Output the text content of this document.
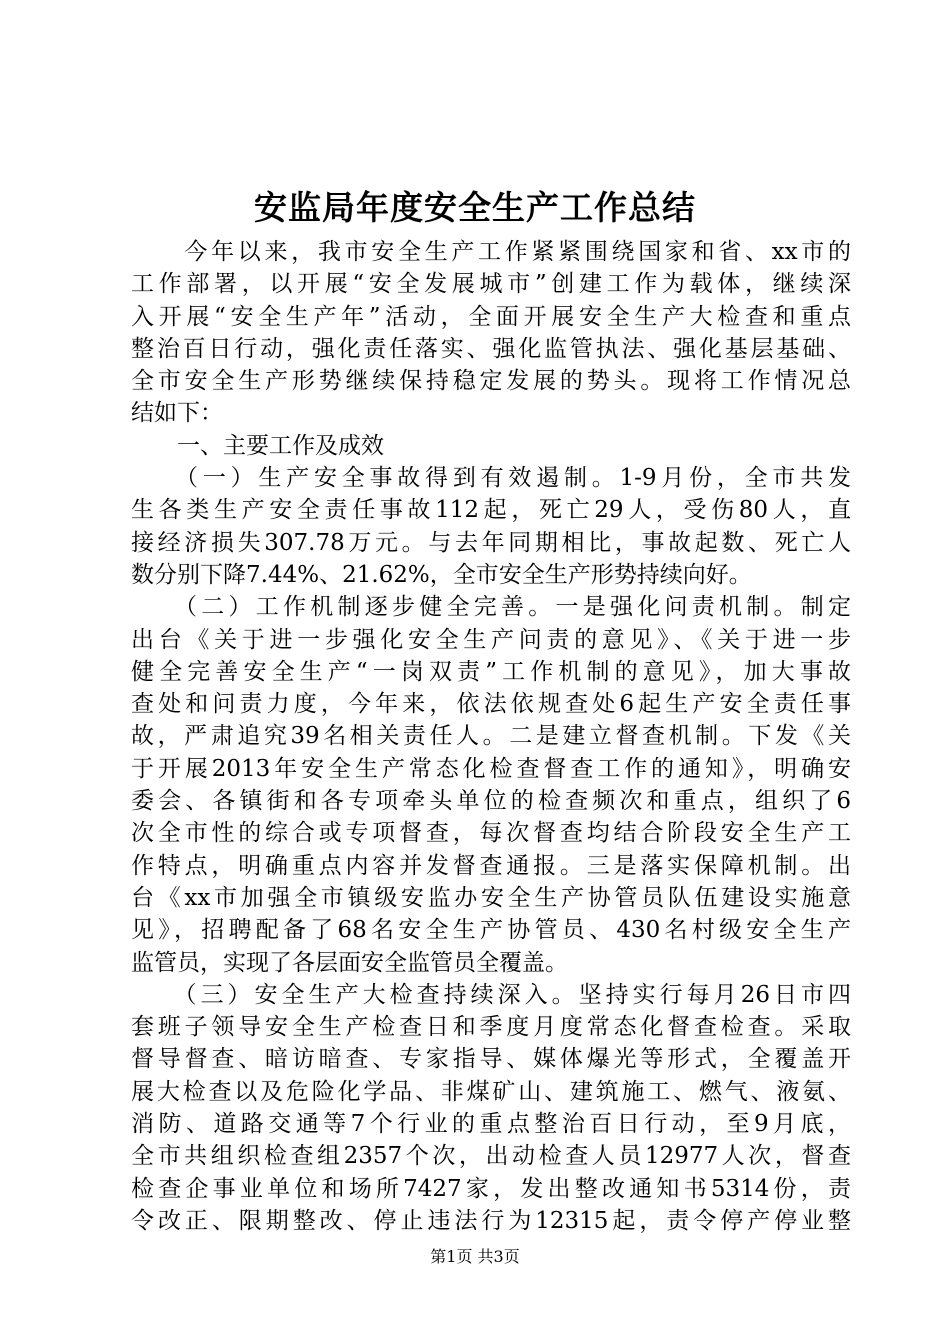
安监局年度安全生产工作总结
　　今年以来，我市安全生产工作紧紧围绕国家和省、xx市的
工作部署，以开展“安全发展城市”创建工作为载体，继续深
入开展“安全生产年”活动，全面开展安全生产大检查和重点
整治百日行动，强化责任落实、强化监管执法、强化基层基础、
全市安全生产形势继续保持稳定发展的势头。现将工作情况总
结如下：
　　一、主要工作及成效
　　（一）生产安全事故得到有效遏制。1-9月份，全市共发
生各类生产安全责任事故112起，死亡29人，受伤80人，直
接经济损失307.78万元。与去年同期相比，事故起数、死亡人
数分别下降7.44%、21.62%，全市安全生产形势持续向好。
　　（二）工作机制逐步健全完善。一是强化问责机制。制定
出台《关于进一步强化安全生产问责的意见》、《关于进一步
健全完善安全生产“一岗双责”工作机制的意见》，加大事故
查处和问责力度，今年来，依法依规查处6起生产安全责任事
故，严肃追究39名相关责任人。二是建立督查机制。下发《关
于开展2013年安全生产常态化检查督查工作的通知》，明确安
委会、各镇街和各专项牵头单位的检查频次和重点，组织了6
次全市性的综合或专项督查，每次督查均结合阶段安全生产工
作特点，明确重点内容并发督查通报。三是落实保障机制。出
台《xx市加强全市镇级安监办安全生产协管员队伍建设实施意
见》，招聘配备了68名安全生产协管员、430名村级安全生产
监管员，实现了各层面安全监管员全覆盖。
　　（三）安全生产大检查持续深入。坚持实行每月26日市四
套班子领导安全生产检查日和季度月度常态化督查检查。采取
督导督查、暗访暗查、专家指导、媒体爆光等形式，全覆盖开
展大检查以及危险化学品、非煤矿山、建筑施工、燃气、液氨、
消防、道路交通等7个行业的重点整治百日行动，至9月底，
全市共组织检查组2357个次，出动检查人员12977人次，督查
检查企事业单位和场所7427家，发出整改通知书5314份，责
令改正、限期整改、停止违法行为12315起，责令停产停业整
第1页 共3页
